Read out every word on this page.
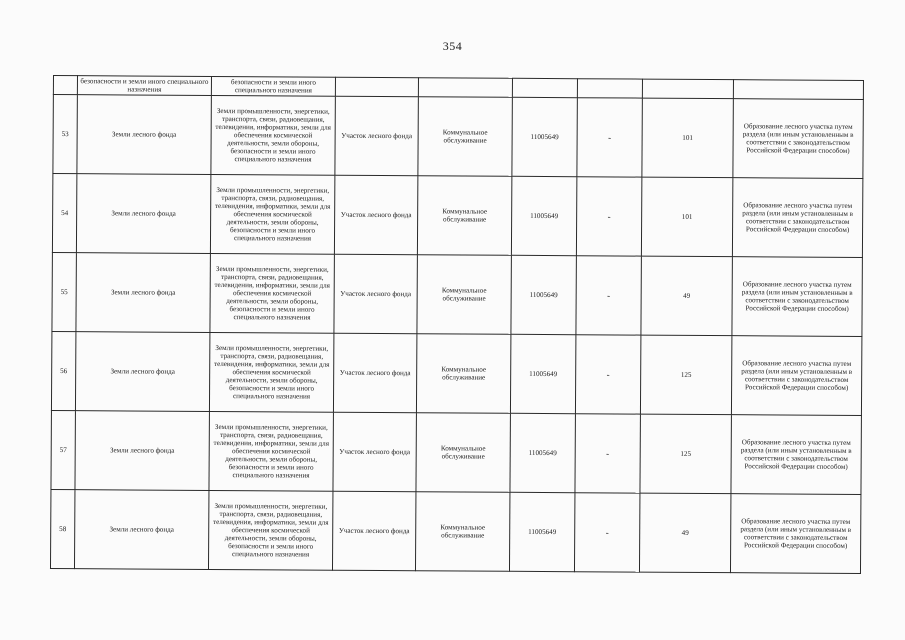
354
	безопасности и земли иного специального назначения	безопасности и земли иного специального назначения						
53	Земли лесного фонда	Земли промышленности, энергетики, транспорта, связи, радиовещания, телевидения, информатики, земли для обеспечения космической деятельности, земли обороны, безопасности и земли иного специального назначения	Участок лесного фонда	Коммунальное обслуживание	11005649	-	101	Образование лесного участка путем раздела (или иным установленным в соответствии с законодательством Российской Федерации способом)
54	Земли лесного фонда	Земли промышленности, энергетики, транспорта, связи, радиовещания, телевидения, информатики, земли для обеспечения космической деятельности, земли обороны, безопасности и земли иного специального назначения	Участок лесного фонда	Коммунальное обслуживание	11005649	-	101	Образование лесного участка путем раздела (или иным установленным в соответствии с законодательством Российской Федерации способом)
55	Земли лесного фонда	Земли промышленности, энергетики, транспорта, связи, радиовещания, телевидения, информатики, земли для обеспечения космической деятельности, земли обороны, безопасности и земли иного специального назначения	Участок лесного фонда	Коммунальное обслуживание	11005649	-	49	Образование лесного участка путем раздела (или иным установленным в соответствии с законодательством Российской Федерации способом)
56	Земли лесного фонда	Земли промышленности, энергетики, транспорта, связи, радиовещания, телевидения, информатики, земли для обеспечения космической деятельности, земли обороны, безопасности и земли иного специального назначения	Участок лесного фонда	Коммунальное обслуживание	11005649	-	125	Образование лесного участка путем раздела (или иным установленным в соответствии с законодательством Российской Федерации способом)
57	Земли лесного фонда	Земли промышленности, энергетики, транспорта, связи, радиовещания, телевидения, информатики, земли для обеспечения космической деятельности, земли обороны, безопасности и земли иного специального назначения	Участок лесного фонда	Коммунальное обслуживание	11005649	-	125	Образование лесного участка путем раздела (или иным установленным в соответствии с законодательством Российской Федерации способом)
58	Земли лесного фонда	Земли промышленности, энергетики, транспорта, связи, радиовещания, телевидения, информатики, земли для обеспечения космической деятельности, земли обороны, безопасности и земли иного специального назначения	Участок лесного фонда	Коммунальное обслуживание	11005649	-	49	Образование лесного участка путем раздела (или иным установленным в соответствии с законодательством Российской Федерации способом)
